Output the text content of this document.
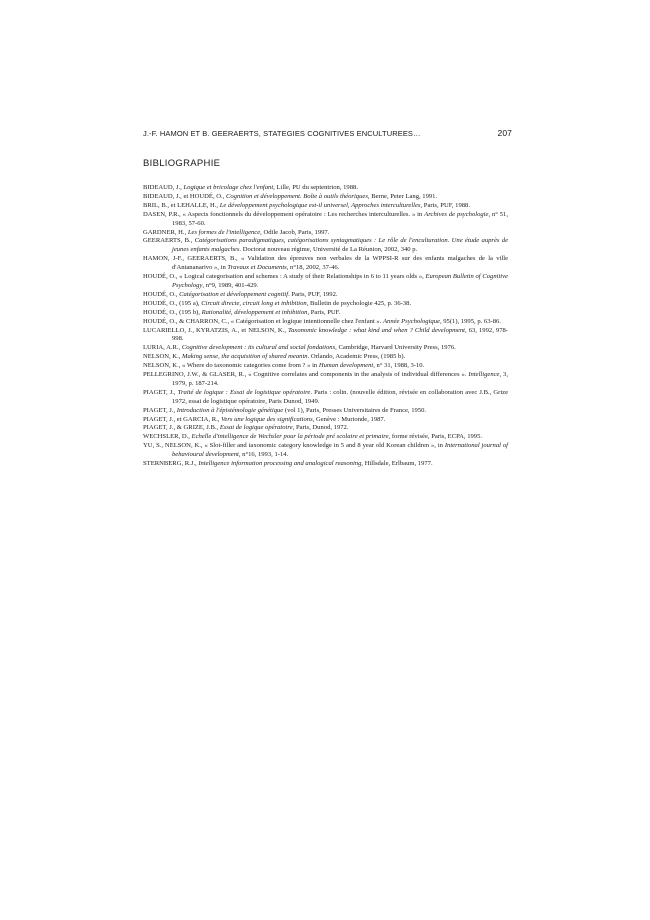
J.-F. HAMON ET B. GEERAERTS, STATEGIES COGNITIVES ENCULTUREES…	207
BIBLIOGRAPHIE
BIDEAUD, J., Logique et bricolage chez l'enfant, Lille, PU du septentrion, 1988.
BIDEAUD, J., et HOUDÉ, O., Cognition et développement. Boîte à outils théoriques, Berne, Peter Lang, 1991.
BRIL, B., et LEHALLE, H., Le développement psychologique est-il universel, Approches interculturelles, Paris, PUF, 1988.
DASEN, P.R., « Aspects fonctionnels du développement opératoire : Les recherches interculturelles. » in Archives de psychologie, n° 51, 1983, 57-60.
GARDNER, H., Les formes de l'intelligence, Odile Jacob, Paris, 1997.
GEERAERTS, B., Catégorisations paradigmatiques, catégorisations syntagmatiques : Le rôle de l'enculturation. Une étude auprès de jeunes enfants malgaches. Doctorat nouveau régime, Université de La Réunion, 2002, 340 p.
HAMON, J-F., GEERAERTS, B., « Validation des épreuves non verbales de la WPPSI-R sur des enfants malgaches de la ville d'Antananarivo », in Travaux et Documents, n°18, 2002, 37-46.
HOUDÉ, O., « Logical categorisation and schemes : A study of their Relationships in 6 to 11 years olds », European Bulletin of Cognitive Psychology, n°9, 1989, 401-429.
HOUDÉ, O., Catégorisation et développement cognitif. Paris, PUF, 1992.
HOUDÉ, O., (195 a), Circuit directe, circuit long et inhibition, Bulletin de psychologie 425, p. 36-38.
HOUDÉ, O., (195 b), Rationalité, développement et inhibition, Paris, PUF.
HOUDÉ, O., & CHARRON, C., « Catégorisation et logique intentionnelle chez l'enfant ». Année Psychologique, 95(1), 1995, p. 63-86.
LUCARIELLO, J., KYRATZIS, A., et NELSON, K., Taxonomic knowledge : what kind and when ? Child development, 63, 1992, 978-998.
LURIA, A.R., Cognitive development : its cultural and social fondations, Cambridge, Harvard University Press, 1976.
NELSON, K., Making sense, the acquisition of shared meanin. Orlando, Academic Press, (1985 b).
NELSON, K., « Where do taxonomic categories come from ? » in Human development, n° 31, 1988, 3-10.
PELLEGRINO, J.W., & GLASER, R., « Cognitive correlates and components in the analysis of individual differences ». Intelligence, 3, 1979, p. 187-214.
PIAGET, J., Traité de logique : Essai de logistique opératoire. Paris : colin. (nouvelle édition, révisée en collaboration avec J.B., Grize 1972, essai de logistique opératoire, Paris Dunod, 1949.
PIAGET, J., Introduction à l'épistémologie génétique (vol 1), Paris, Presses Universitaires de France, 1950.
PIAGET, J., et GARCIA, R., Vers une logique des significations, Genève : Murionde, 1987.
PIAGET, J., & GRIZE, J.B., Essai de logique opératoire, Paris, Dunod, 1972.
WECHSLER, D., Echelle d'intelligence de Wechsler pour la période pré scolaire et primaire, forme révisée, Paris, ECPA, 1995.
YU, S., NELSON, K., « Slot-filler and taxonomic category knowledge in 5 and 8 year old Korean children », in International journal of behavioural development, n°16, 1993, 1-14.
STERNBERG, R.J., Intelligence information processing and analogical reasoning, Hillsdale, Erlbaum, 1977.
